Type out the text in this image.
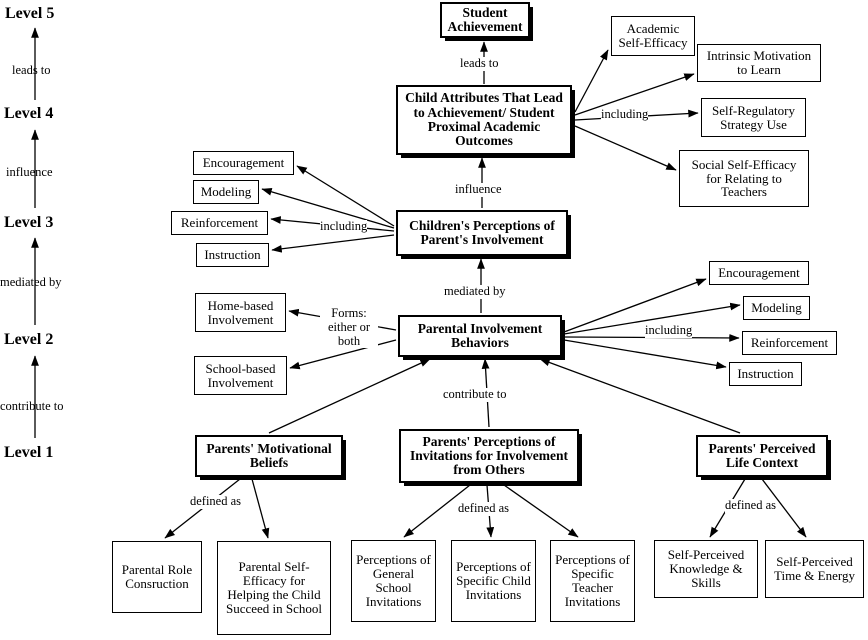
Level 5
Level 4
Level 3
Level 2
Level 1
leads to
influence
mediated by
contribute to
Student Achievement
Child Attributes That Lead to Achievement/ Student Proximal Academic Outcomes
Academic Self-Efficacy
Intrinsic Motivation to Learn
Self-Regulatory Strategy Use
Social Self-Efficacy for Relating to Teachers
Children's Perceptions of Parent's Involvement
Encouragement
Modeling
Reinforcement
Instruction
Parental Involvement Behaviors
Home-based Involvement
School-based Involvement
Encouragement
Modeling
Reinforcement
Instruction
Parents' Motivational Beliefs
Parents' Perceptions of Invitations for Involvement from Others
Parents' Perceived Life Context
Parental Role Consruction
Parental Self-Efficacy for Helping the Child Succeed in School
Perceptions of General School Invitations
Perceptions of Specific Child Invitations
Perceptions of Specific Teacher Invitations
Self-Perceived Knowledge & Skills
Self-Perceived Time & Energy
leads to
including
influence
including
mediated by
Forms: either or both
including
contribute to
defined as	defined as	defined as
